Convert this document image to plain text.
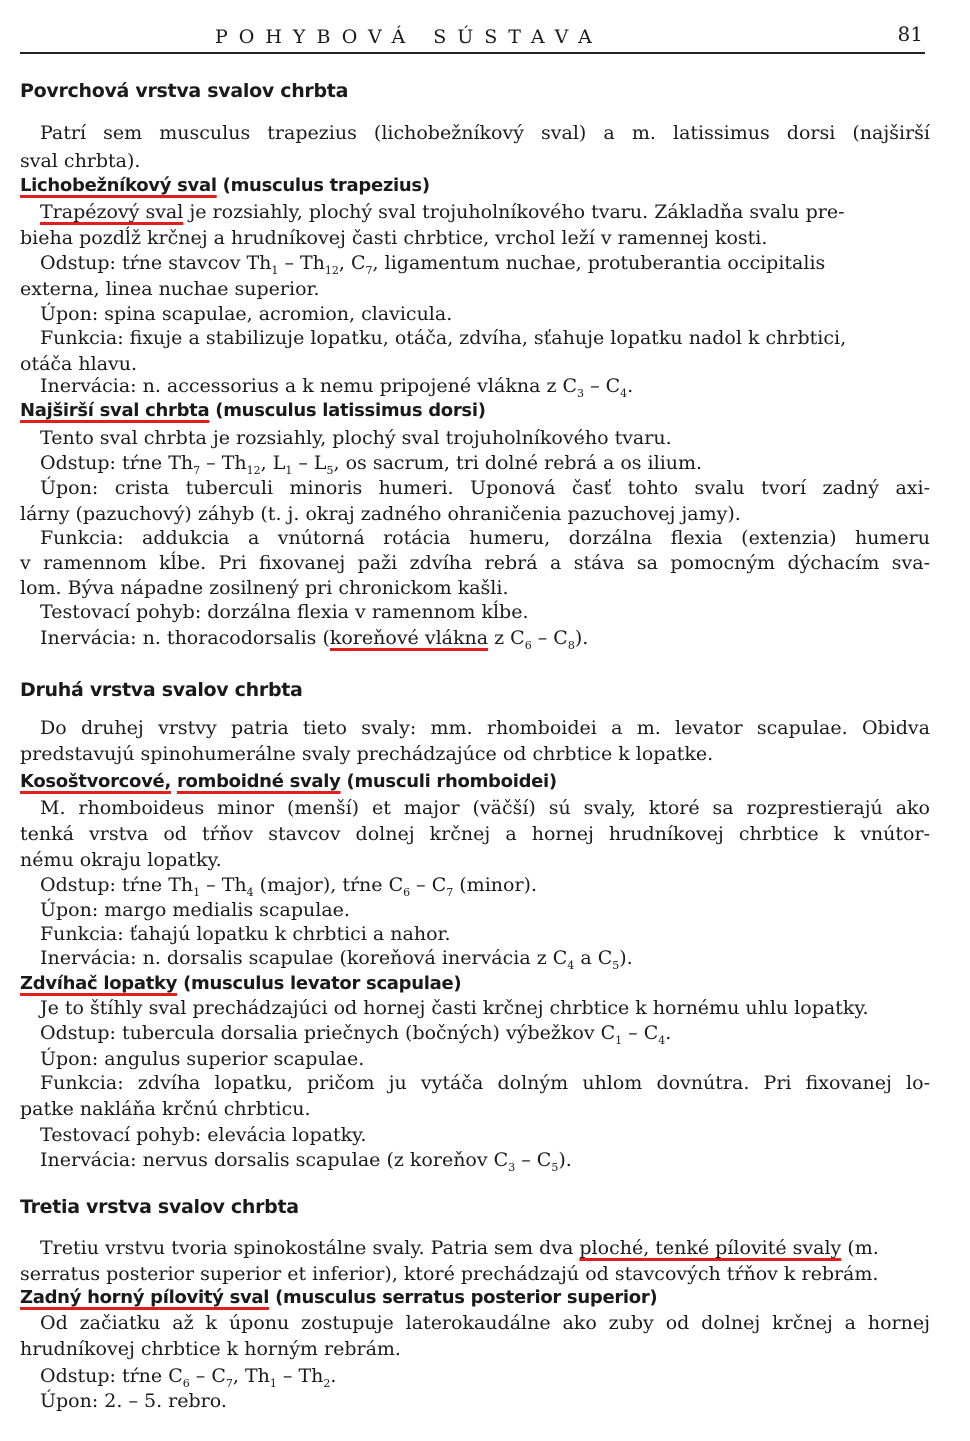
POHYBOVÁ SÚSTAVA	81
Povrchová vrstva svalov chrbta
Patrí sem musculus trapezius (lichobežníkový sval) a m. latissimus dorsi (najširší
sval chrbta).
Lichobežníkový sval (musculus trapezius)
Trapézový sval je rozsiahly, plochý sval trojuholníkového tvaru. Základňa svalu pre-
bieha pozdĺž krčnej a hrudníkovej časti chrbtice, vrchol leží v ramennej kosti.
Odstup: tŕne stavcov $Th_1 - Th_{12}$, $C_7$, ligamentum nuchae, protuberantia occipitalis
externa, linea nuchae superior.
Úpon: spina scapulae, acromion, clavicula.
Funkcia: fixuje a stabilizuje lopatku, otáča, zdvíha, sťahuje lopatku nadol k chrbtici,
otáča hlavu.
Inervácia: n. accessorius a k nemu pripojené vlákna z $C_3 - C_4$.
Najširší sval chrbta (musculus latissimus dorsi)
Tento sval chrbta je rozsiahly, plochý sval trojuholníkového tvaru.
Odstup: tŕne $Th_7 - Th_{12}$, $L_1 - L_5$, os sacrum, tri dolné rebrá a os ilium.
Úpon: crista tuberculi minoris humeri. Uponová časť tohto svalu tvorí zadný axi-
lárny (pazuchový) záhyb (t. j. okraj zadného ohraničenia pazuchovej jamy).
Funkcia: addukcia a vnútorná rotácia humeru, dorzálna flexia (extenzia) humeru
v ramennom kĺbe. Pri fixovanej paži zdvíha rebrá a stáva sa pomocným dýchacím sva-
lom. Býva nápadne zosilnený pri chronickom kašli.
Testovací pohyb: dorzálna flexia v ramennom kĺbe.
Inervácia: n. thoracodorsalis (koreňové vlákna z $C_6 - C_8$).
Druhá vrstva svalov chrbta
Do druhej vrstvy patria tieto svaly: mm. rhomboidei a m. levator scapulae. Obidva
predstavujú spinohumerálne svaly prechádzajúce od chrbtice k lopatke.
Kosoštvorcové, romboidné svaly (musculi rhomboidei)
M. rhomboideus minor (menší) et major (väčší) sú svaly, ktoré sa rozprestierajú ako
tenká vrstva od tŕňov stavcov dolnej krčnej a hornej hrudníkovej chrbtice k vnútor-
nému okraju lopatky.
Odstup: tŕne $Th_1 - Th_4$ (major), tŕne $C_6 - C_7$ (minor).
Úpon: margo medialis scapulae.
Funkcia: ťahajú lopatku k chrbtici a nahor.
Inervácia: n. dorsalis scapulae (koreňová inervácia z $C_4$ a $C_5$).
Zdvíhač lopatky (musculus levator scapulae)
Je to štíhly sval prechádzajúci od hornej časti krčnej chrbtice k hornému uhlu lopatky.
Odstup: tubercula dorsalia priečnych (bočných) výbežkov $C_1 - C_4$.
Úpon: angulus superior scapulae.
Funkcia: zdvíha lopatku, pričom ju vytáča dolným uhlom dovnútra. Pri fixovanej lo-
patke nakláňa krčnú chrbticu.
Testovací pohyb: elevácia lopatky.
Inervácia: nervus dorsalis scapulae (z koreňov $C_3 - C_5$).
Tretia vrstva svalov chrbta
Tretiu vrstvu tvoria spinokostálne svaly. Patria sem dva ploché, tenké pílovité svaly (m.
serratus posterior superior et inferior), ktoré prechádzajú od stavcových tŕňov k rebrám.
Zadný horný pílovitý sval (musculus serratus posterior superior)
Od začiatku až k úponu zostupuje laterokaudálne ako zuby od dolnej krčnej a hornej
hrudníkovej chrbtice k horným rebrám.
Odstup: tŕne $C_6 - C_7$, $Th_1 - Th_2$.
Úpon: 2. – 5. rebro.
